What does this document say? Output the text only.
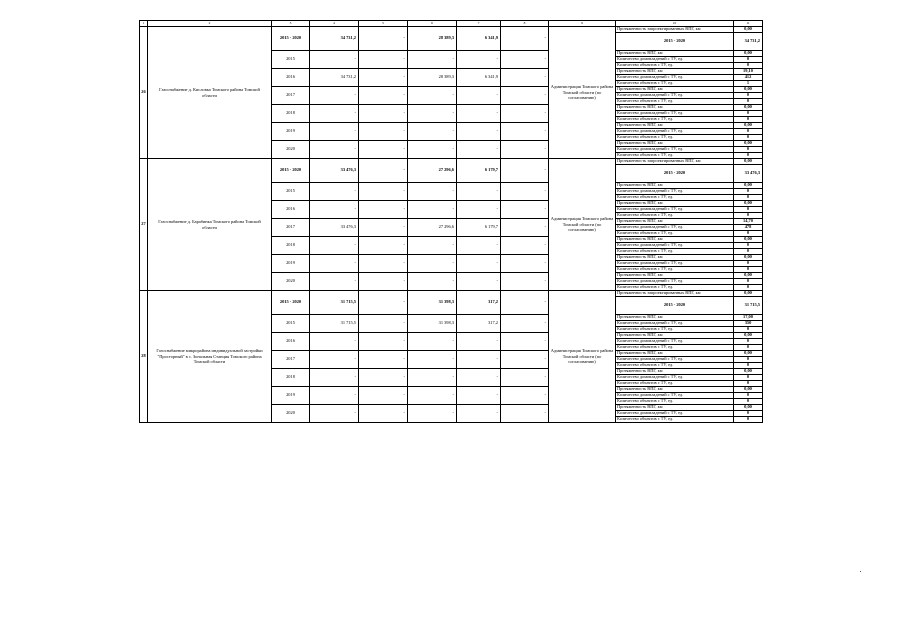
1	2	3	4	5	6	7	8	9	10	11	
26	Газоснабжение д. Кисловка Томского района Томской области	2015 - 2020	34 731,2	-	28 389,3	6 341,9	-	Администрация Томского района Томской области (по согласованию)	Протяженность запроектированных ВПГ, км	0,00	
									2015 - 2020	34 731,2						

		2015	-	-	-	-	-		Протяженность ВПГ, км	0,00	
									Количество домовладений с ТУ, ед.	0	
									Количество объектов с ТУ, ед.	0	
		2016	34 731,2	-	28 389,3	6 341,9	-		Протяженность ВПГ, км	19,10	
									Количество домовладений с ТУ, ед.	412	
									Количество объектов с ТУ, ед.	1	
		2017	-	-	-	-	-		Протяженность ВПГ, км	0,00	
									Количество домовладений с ТУ, ед.	0	
									Количество объектов с ТУ, ед.	0	
		2018	-	-	-	-	-		Протяженность ВПГ, км	0,00	
									Количество домовладений с ТУ, ед.	0	
									Количество объектов с ТУ, ед.	0	
		2019	-	-	-	-	-		Протяженность ВПГ, км	0,00	
									Количество домовладений с ТУ, ед.	0	
									Количество объектов с ТУ, ед.	0	
		2020	-	-	-	-	-		Протяженность ВПГ, км	0,00	
									Количество домовладений с ТУ, ед.	0	
									Количество объектов с ТУ, ед.	0	
27	Газоснабжение д. Барабинка Томского района Томской области	2015 - 2020	33 476,3	-	27 296,6	6 179,7	-	Администрация Томского района Томской области (по согласованию)	Протяженность запроектированных ВПГ, км	0,00	
									2015 - 2020	33 476,3						

		2015	-	-	-	-	-		Протяженность ВПГ, км	0,00	
									Количество домовладений с ТУ, ед.	0	
									Количество объектов с ТУ, ед.	0	
		2016	-	-	-	-	-		Протяженность ВПГ, км	0,00	
									Количество домовладений с ТУ, ед.	0	
									Количество объектов с ТУ, ед.	0	
		2017	33 476,3	-	27 296,6	6 179,7	-		Протяженность ВПГ, км	14,70	
									Количество домовладений с ТУ, ед.	478	
									Количество объектов с ТУ, ед.	0	
		2018	-	-	-	-	-		Протяженность ВПГ, км	0,00	
									Количество домовладений с ТУ, ед.	0	
									Количество объектов с ТУ, ед.	0	
		2019	-	-	-	-	-		Протяженность ВПГ, км	0,00	
									Количество домовладений с ТУ, ед.	0	
									Количество объектов с ТУ, ед.	0	
		2020	-	-	-	-	-		Протяженность ВПГ, км	0,00	
									Количество домовладений с ТУ, ед.	0	
									Количество объектов с ТУ, ед.	0	
28	Газоснабжение микрорайона индивидуальной застройки "Просторный" в с. Зональная Станция Томского района Томской области	2015 - 2020	31 715,5	-	31 398,3	317,2	-	Администрация Томского района Томской области (по согласованию)	Протяженность запроектированных ВПГ, км	0,00	
									2015 - 2020	31 715,5						

		2015	31 715,5	-	31 398,3	317,2	-		Протяженность ВПГ, км	17,00	
									Количество домовладений с ТУ, ед.	350	
									Количество объектов с ТУ, ед.	0	
		2016	-	-	-	-	-		Протяженность ВПГ, км	0,00	
									Количество домовладений с ТУ, ед.	0	
									Количество объектов с ТУ, ед.	0	
		2017	-	-	-	-	-		Протяженность ВПГ, км	0,00	
									Количество домовладений с ТУ, ед.	0	
									Количество объектов с ТУ, ед.	0	
		2018	-	-	-	-	-		Протяженность ВПГ, км	0,00	
									Количество домовладений с ТУ, ед.	0	
									Количество объектов с ТУ, ед.	0	
		2019	-	-	-	-	-		Протяженность ВПГ, км	0,00	
									Количество домовладений с ТУ, ед.	0	
									Количество объектов с ТУ, ед.	0	
		2020	-	-	-	-	-		Протяженность ВПГ, км	0,00	
									Количество домовладений с ТУ, ед.	0	
									Количество объектов с ТУ, ед.	0	
